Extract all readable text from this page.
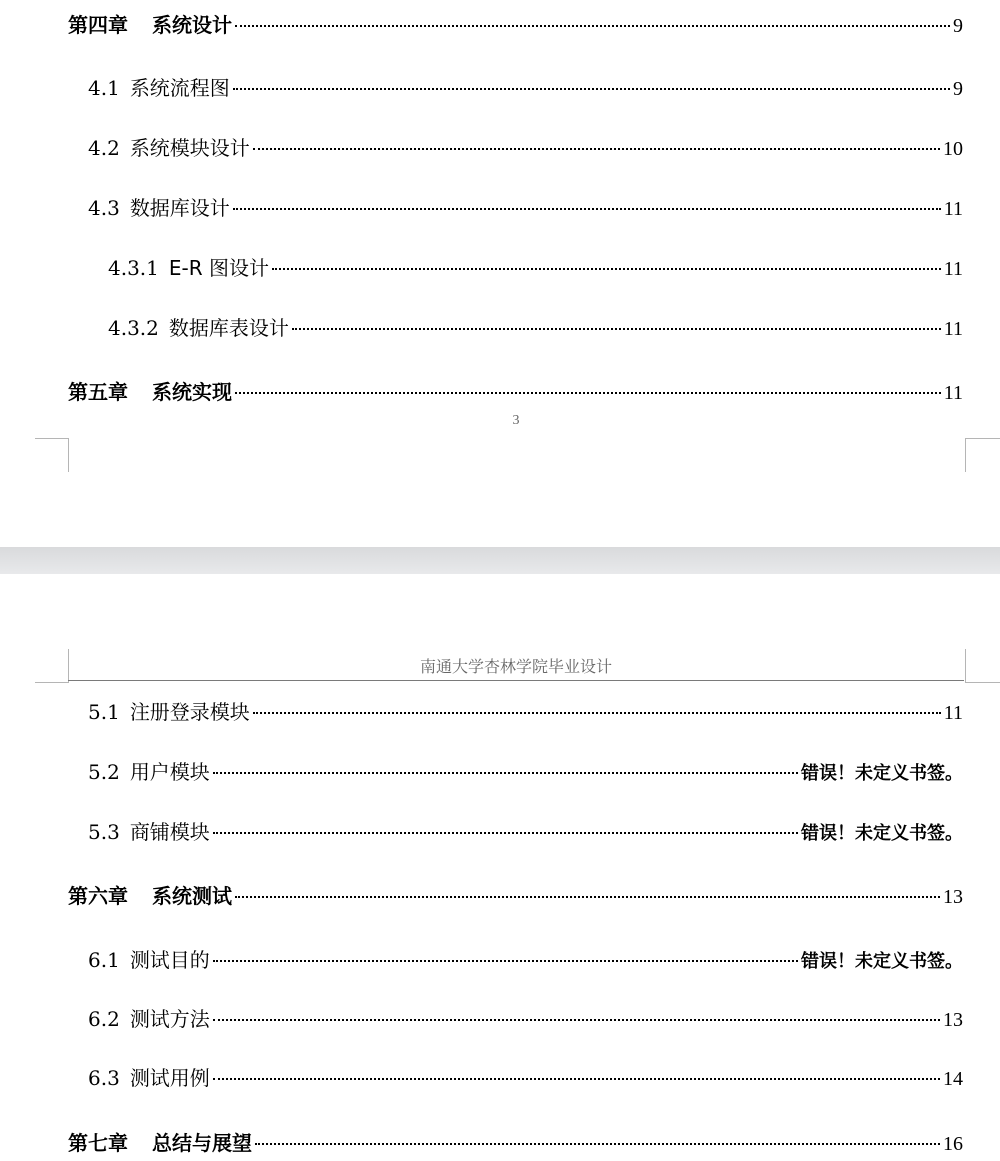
第四章 系统设计	9
4.1 系统流程图	9
4.2 系统模块设计	10
4.3 数据库设计	11
4.3.1 E-R 图设计	11
4.3.2 数据库表设计	11
第五章 系统实现	11
3
南通大学杏林学院毕业设计
5.1 注册登录模块	11
5.2 用户模块	错误！未定义书签。
5.3 商铺模块	错误！未定义书签。
第六章 系统测试	13
6.1 测试目的	错误！未定义书签。
6.2 测试方法	13
6.3 测试用例	14
第七章 总结与展望	16
